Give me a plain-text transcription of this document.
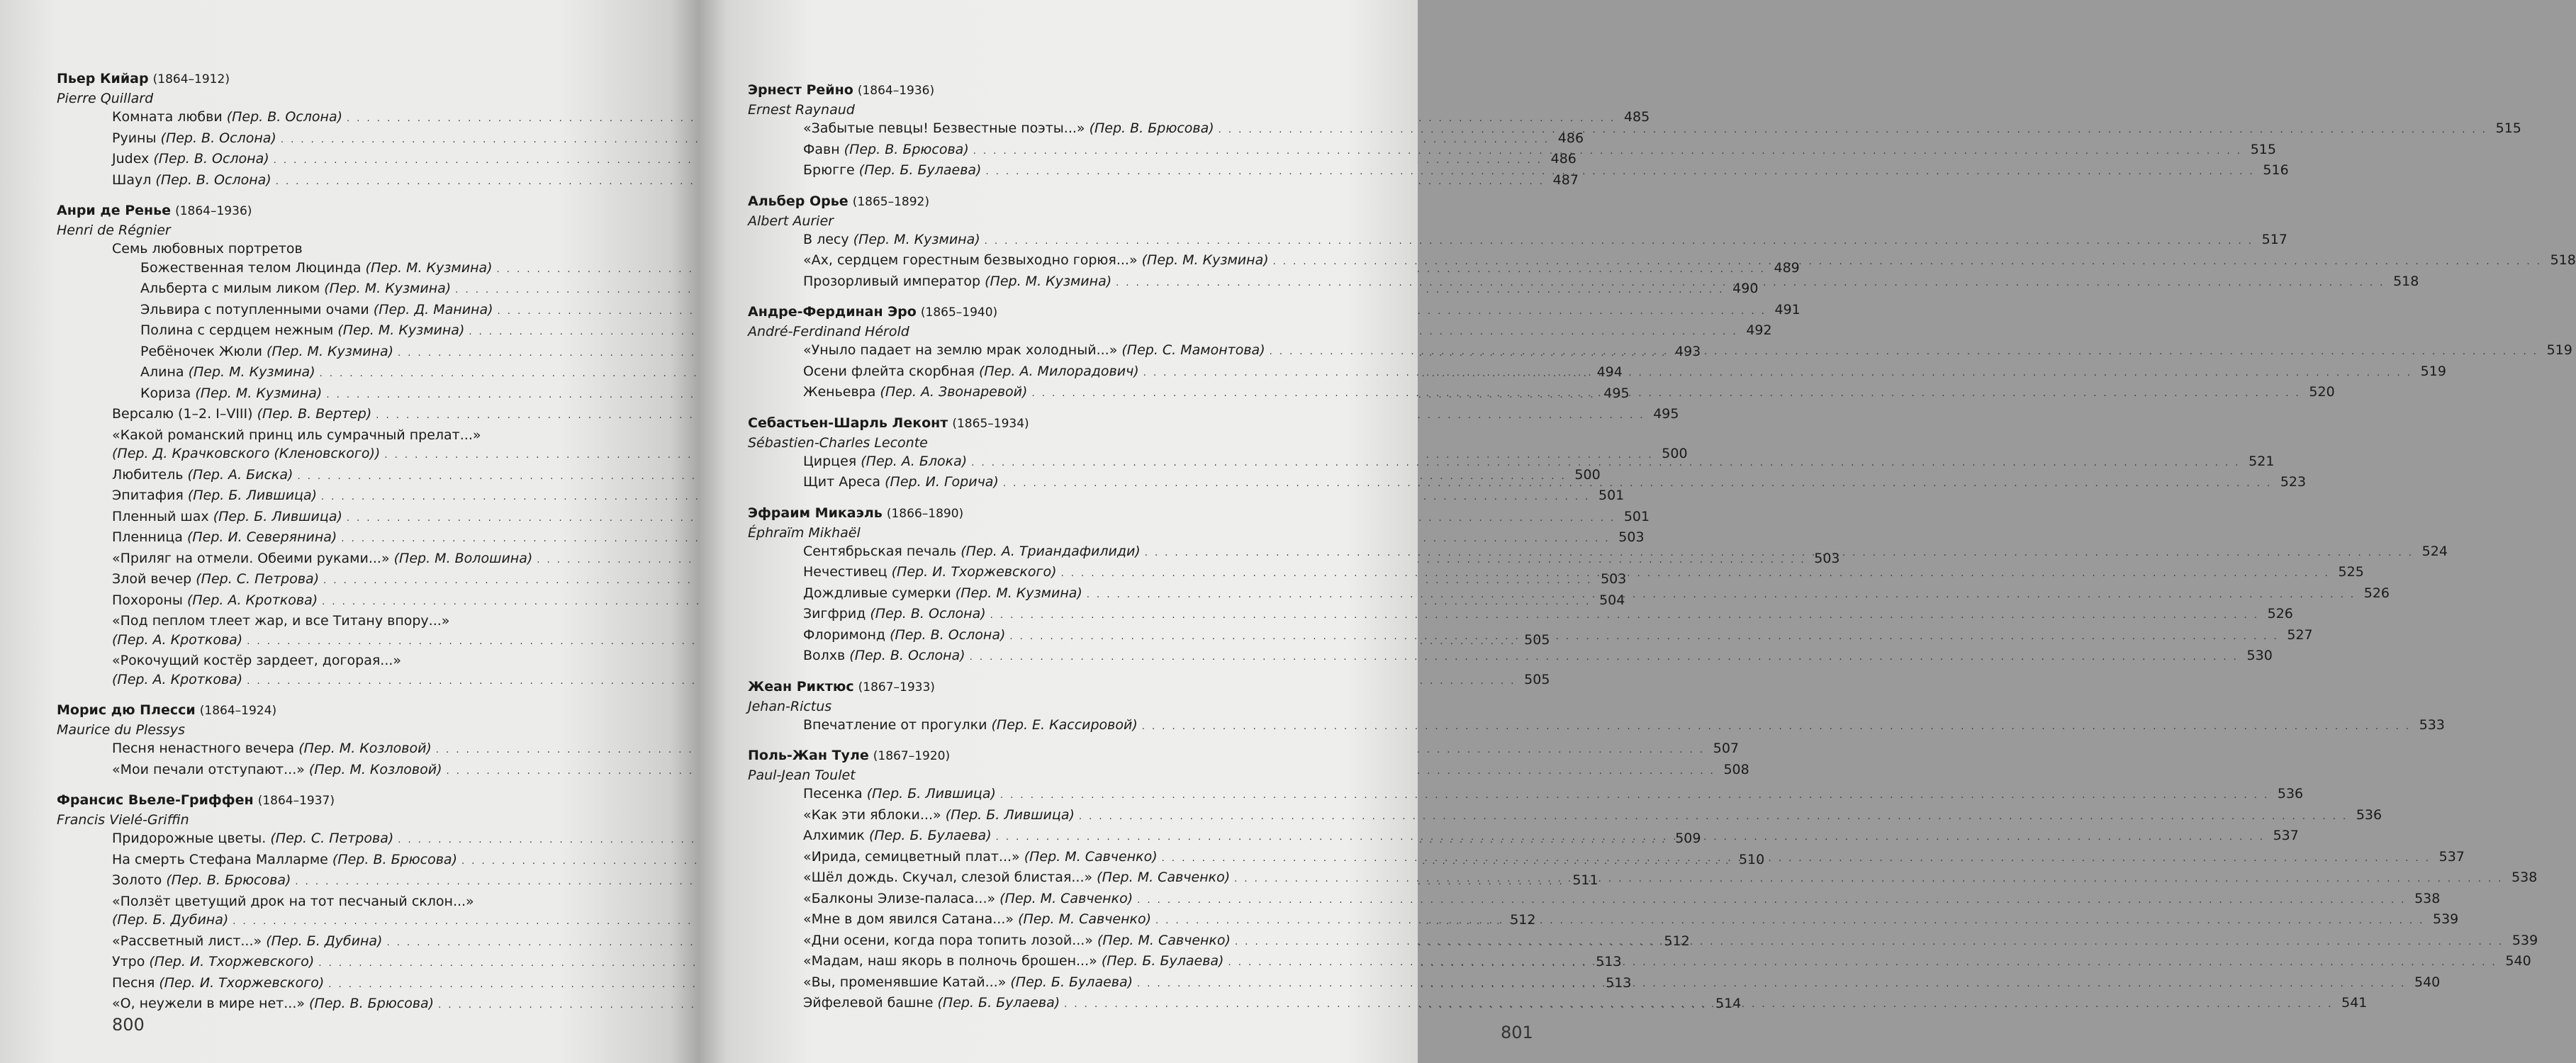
Пьер Кийар (1864–1912)
Pierre Quillard
Комната любви (Пер. В. Ослона) . . .	485
Руины (Пер. В. Ослона) . . .	486
Judex (Пер. В. Ослона) . . .	486
Шаул (Пер. В. Ослона) . . .	487
Анри де Ренье (1864–1936)
Henri de Régnier
Семь любовных портретов
Божественная телом Люцинда (Пер. М. Кузмина) . . .	489
Альберта с милым ликом (Пер. М. Кузмина) . . .	490
Эльвира с потупленными очами (Пер. Д. Манина) . . .	491
Полина с сердцем нежным (Пер. М. Кузмина) . . .	492
Ребёночек Жюли (Пер. М. Кузмина) . . .	493
Алина (Пер. М. Кузмина) . . .	494
Кориза (Пер. М. Кузмина) . . .	495
Версалю (1–2. I–VIII) (Пер. В. Вертер) . . .	495
«Какой романский принц иль сумрачный прелат...»
(Пер. Д. Крачковского (Кленовского)) . . .	500
Любитель (Пер. А. Биска) . . .	500
Эпитафия (Пер. Б. Лившица) . . .	501
Пленный шах (Пер. Б. Лившица) . . .	501
Пленница (Пер. И. Северянина) . . .	503
«Приляг на отмели. Обеими руками...» (Пер. М. Волошина) . . .	503
Злой вечер (Пер. С. Петрова) . . .	503
Похороны (Пер. А. Кроткова) . . .	504
«Под пеплом тлеет жар, и все Титану впору...»
(Пер. А. Кроткова) . . .	505
«Рокочущий костёр зардеет, догорая...»
(Пер. А. Кроткова) . . .	505
Морис дю Плесси (1864–1924)
Maurice du Plessys
Песня ненастного вечера (Пер. М. Козловой) . . .	507
«Мои печали отступают...» (Пер. М. Козловой) . . .	508
Франсис Вьеле-Гриффен (1864–1937)
Francis Vielé-Griffin
Придорожные цветы. (Пер. С. Петрова) . . .	509
На смерть Стефана Малларме (Пер. В. Брюсова) . . .	510
Золото (Пер. В. Брюсова) . . .	511
«Ползёт цветущий дрок на тот песчаный склон...»
(Пер. Б. Дубина) . . .	512
«Рассветный лист...» (Пер. Б. Дубина) . . .	512
Утро (Пер. И. Тхоржевского) . . .	513
Песня (Пер. И. Тхоржевского) . . .	513
«О, неужели в мире нет...» (Пер. В. Брюсова) . . .	514
800
Эрнест Рейно (1864–1936)
Ernest Raynaud
«Забытые певцы! Безвестные поэты...» (Пер. В. Брюсова) . . .	515
Фавн (Пер. В. Брюсова) . . .	515
Брюгге (Пер. Б. Булаева) . . .	516
Альбер Орье (1865–1892)
Albert Aurier
В лесу (Пер. М. Кузмина) . . .	517
«Ах, сердцем горестным безвыходно горюя...» (Пер. М. Кузмина) . . .	518
Прозорливый император (Пер. М. Кузмина) . . .	518
Андре-Фердинан Эро (1865–1940)
André-Ferdinand Hérold
«Уныло падает на землю мрак холодный...» (Пер. С. Мамонтова) . . .	519
Осени флейта скорбная (Пер. А. Милорадович) . . .	519
Женьевра (Пер. А. Звонаревой) . . .	520
Себастьен-Шарль Леконт (1865–1934)
Sébastien-Charles Leconte
Цирцея (Пер. А. Блока) . . .	521
Щит Ареса (Пер. И. Горича) . . .	523
Эфраим Микаэль (1866–1890)
Éphraïm Mikhaël
Сентябрьская печаль (Пер. А. Триандафилиди) . . .	524
Нечестивец (Пер. И. Тхоржевского) . . .	525
Дождливые сумерки (Пер. М. Кузмина) . . .	526
Зигфрид (Пер. В. Ослона) . . .	526
Флоримонд (Пер. В. Ослона) . . .	527
Волхв (Пер. В. Ослона) . . .	530
Жеан Риктюс (1867–1933)
Jehan-Rictus
Впечатление от прогулки (Пер. Е. Кассировой) . . .	533
Поль-Жан Туле (1867–1920)
Paul-Jean Toulet
Песенка (Пер. Б. Лившица) . . .	536
«Как эти яблоки...» (Пер. Б. Лившица) . . .	536
Алхимик (Пер. Б. Булаева) . . .	537
«Ирида, семицветный плат...» (Пер. М. Савченко) . . .	537
«Шёл дождь. Скучал, слезой блистая...» (Пер. М. Савченко) . . .	538
«Балконы Элизе-паласа...» (Пер. М. Савченко) . . .	538
«Мне в дом явился Сатана...» (Пер. М. Савченко) . . .	539
«Дни осени, когда пора топить лозой...» (Пер. М. Савченко) . . .	539
«Мадам, наш якорь в полночь брошен...» (Пер. Б. Булаева) . . .	540
«Вы, променявшие Катай...» (Пер. Б. Булаева) . . .	540
Эйфелевой башне (Пер. Б. Булаева) . . .	541
801
